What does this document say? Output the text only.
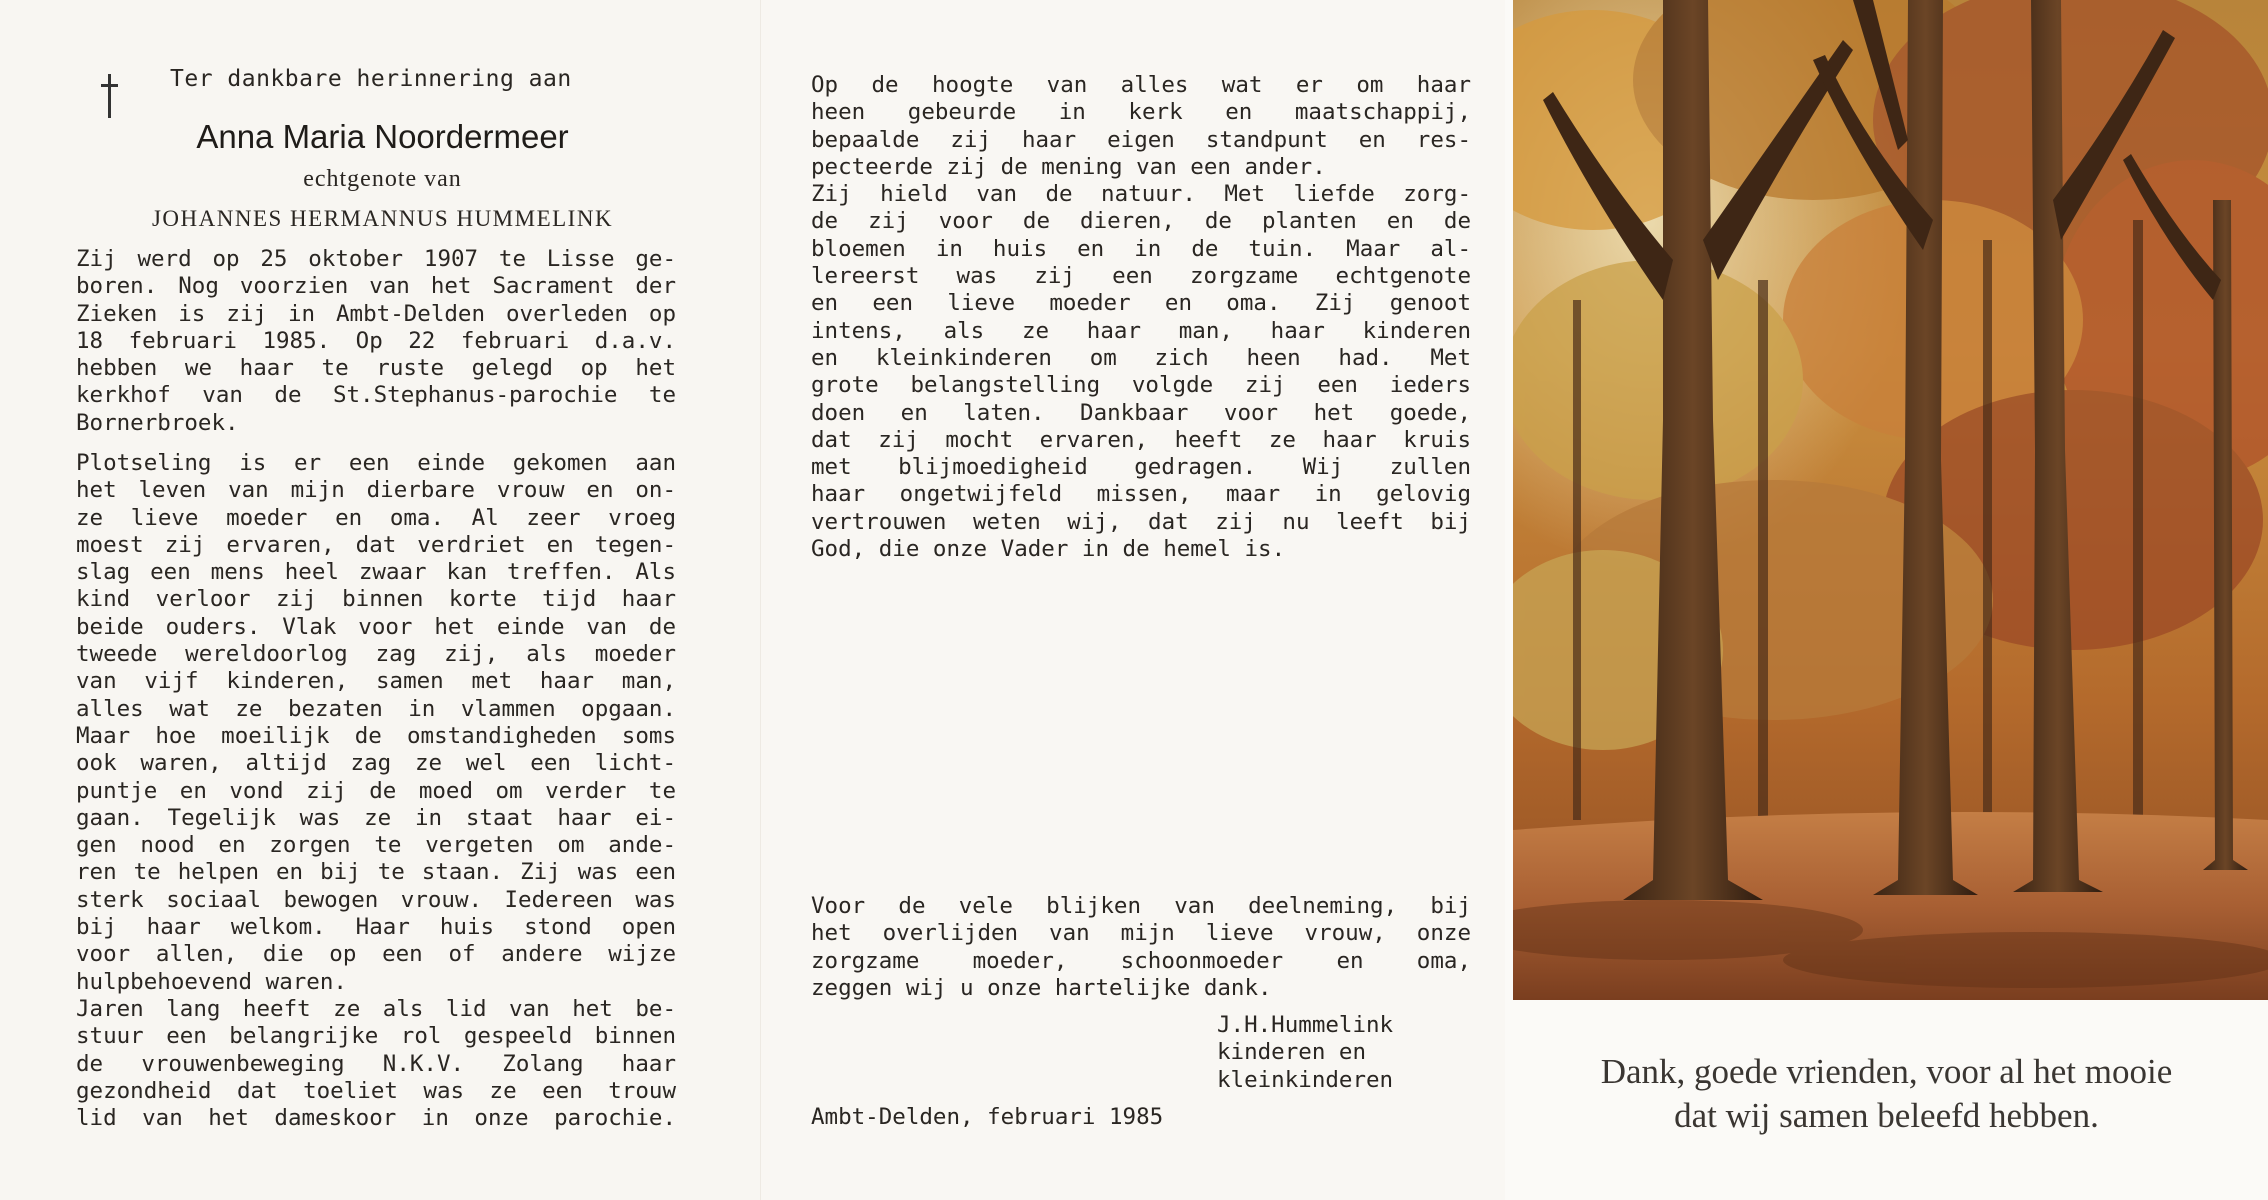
Ter dankbare herinnering aan
Anna Maria Noordermeer
echtgenote van
JOHANNES HERMANNUS HUMMELINK

Zij werd op 25 oktober 1907 te Lisse ge-
boren. Nog voorzien van het Sacrament der
Zieken is zij in Ambt-Delden overleden op
18 februari 1985. Op 22 februari d.a.v.
hebben we haar te ruste gelegd op het
kerkhof van de St.Stephanus-parochie te
Bornerbroek.

Plotseling is er een einde gekomen aan
het leven van mijn dierbare vrouw en on-
ze lieve moeder en oma. Al zeer vroeg
moest zij ervaren, dat verdriet en tegen-
slag een mens heel zwaar kan treffen. Als
kind verloor zij binnen korte tijd haar
beide ouders. Vlak voor het einde van de
tweede wereldoorlog zag zij, als moeder
van vijf kinderen, samen met haar man,
alles wat ze bezaten in vlammen opgaan.
Maar hoe moeilijk de omstandigheden soms
ook waren, altijd zag ze wel een licht-
puntje en vond zij de moed om verder te
gaan. Tegelijk was ze in staat haar ei-
gen nood en zorgen te vergeten om ande-
ren te helpen en bij te staan. Zij was een
sterk sociaal bewogen vrouw. Iedereen was
bij haar welkom. Haar huis stond open
voor allen, die op een of andere wijze
hulpbehoevend waren.
Jaren lang heeft ze als lid van het be-
stuur een belangrijke rol gespeeld binnen
de vrouwenbeweging N.K.V. Zolang haar
gezondheid dat toeliet was ze een trouw
lid van het dameskoor in onze parochie.

Op de hoogte van alles wat er om haar
heen gebeurde in kerk en maatschappij,
bepaalde zij haar eigen standpunt en res-
pecteerde zij de mening van een ander.
Zij hield van de natuur. Met liefde zorg-
de zij voor de dieren, de planten en de
bloemen in huis en in de tuin. Maar al-
lereerst was zij een zorgzame echtgenote
en een lieve moeder en oma. Zij genoot
intens, als ze haar man, haar kinderen
en kleinkinderen om zich heen had. Met
grote belangstelling volgde zij een ieders
doen en laten. Dankbaar voor het goede,
dat zij mocht ervaren, heeft ze haar kruis
met blijmoedigheid gedragen. Wij zullen
haar ongetwijfeld missen, maar in gelovig
vertrouwen weten wij, dat zij nu leeft bij
God, die onze Vader in de hemel is.

Voor de vele blijken van deelneming, bij
het overlijden van mijn lieve vrouw, onze
zorgzame moeder, schoonmoeder en oma,
zeggen wij u onze hartelijke dank.

J.H.Hummelink
kinderen en
kleinkinderen
Ambt-Delden, februari 1985
Dank, goede vrienden, voor al het mooie
dat wij samen beleefd hebben.
